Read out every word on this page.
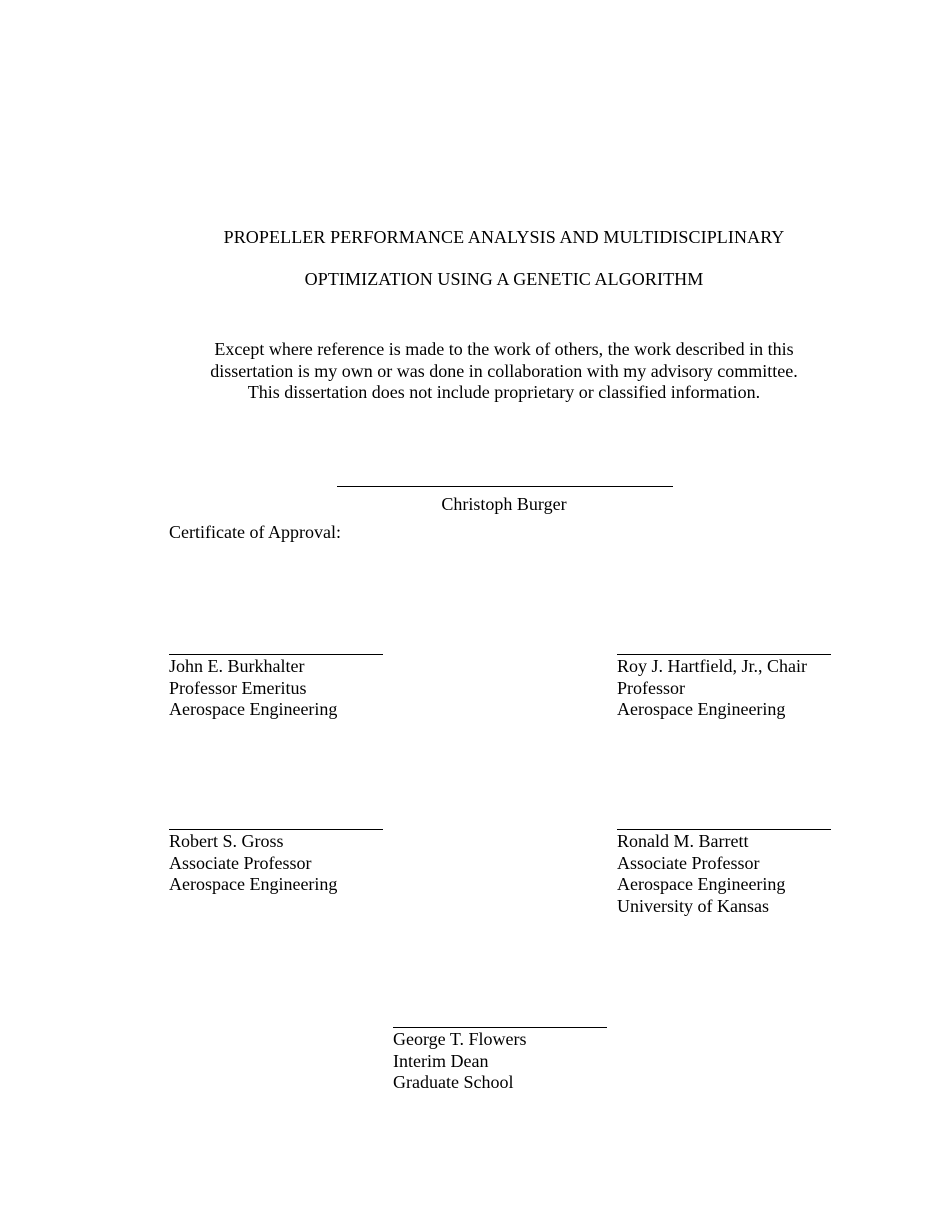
PROPELLER PERFORMANCE ANALYSIS AND MULTIDISCIPLINARY
OPTIMIZATION USING A GENETIC ALGORITHM
Except where reference is made to the work of others, the work described in this
dissertation is my own or was done in collaboration with my advisory committee.
This dissertation does not include proprietary or classified information.
Christoph Burger
Certificate of Approval:
John E. Burkhalter
Professor Emeritus
Aerospace Engineering
Roy J. Hartfield, Jr., Chair
Professor
Aerospace Engineering
Robert S. Gross
Associate Professor
Aerospace Engineering
Ronald M. Barrett
Associate Professor
Aerospace Engineering
University of Kansas
George T. Flowers
Interim Dean
Graduate School
